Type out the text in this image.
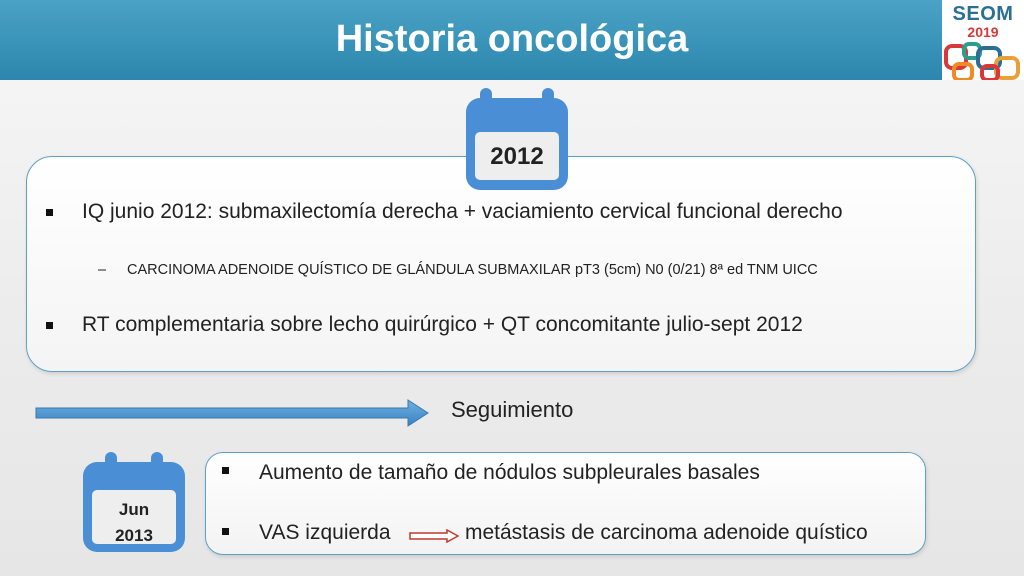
Historia oncológica
SEOM
2019
2012
IQ junio 2012: submaxilectomía derecha + vaciamiento cervical funcional derecho
– CARCINOMA ADENOIDE QUÍSTICO DE GLÁNDULA SUBMAXILAR pT3 (5cm) N0 (0/21) 8ª ed TNM UICC
RT complementaria sobre lecho quirúrgico + QT concomitante julio-sept 2012
Seguimiento
Jun
2013
Aumento de tamaño de nódulos subpleurales basales
VAS izquierda	metástasis de carcinoma adenoide quístico
